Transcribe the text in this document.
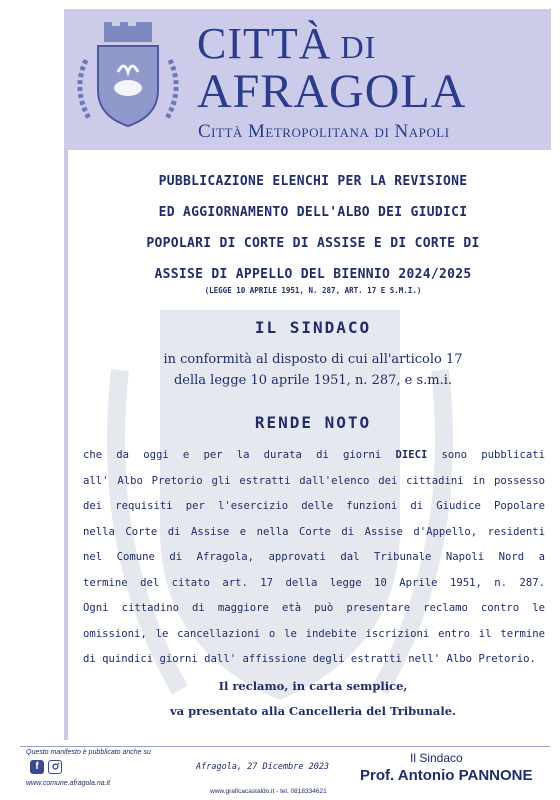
CITTÀ DI
AFRAGOLA
Città Metropolitana di Napoli
PUBBLICAZIONE ELENCHI PER LA REVISIONE
ED AGGIORNAMENTO DELL'ALBO DEI GIUDICI
POPOLARI DI CORTE DI ASSISE E DI CORTE DI
ASSISE DI APPELLO DEL BIENNIO 2024/2025
(LEGGE 10 APRILE 1951, N. 287, ART. 17 E S.M.I.)
IL SINDACO
in conformità al disposto di cui all'articolo 17
della legge 10 aprile 1951, n. 287, e s.m.i.
RENDE NOTO
che da oggi e per la durata di giorni DIECI sono pubblicati
all' Albo Pretorio gli estratti dall'elenco dei cittadini in possesso
dei requisiti per l'esercizio delle funzioni di Giudice Popolare
nella Corte di Assise e nella Corte di Assise d'Appello, residenti
nel Comune di Afragola, approvati dal Tribunale Napoli Nord a
termine del citato art. 17 della legge 10 Aprile 1951, n. 287.
Ogni cittadino di maggiore età può presentare reclamo contro le
omissioni, le cancellazioni o le indebite iscrizioni entro il termine
di quindici giorni dall' affissione degli estratti nell' Albo Pretorio.
Il reclamo, in carta semplice,
va presentato alla Cancelleria del Tribunale.
Questo manifesto è pubblicato anche su
f
www.comune.afragola.na.it
Afragola, 27 Dicembre 2023
Il Sindaco
Prof. Antonio PANNONE
www.graficacastaldo.it - tel. 0818334621
